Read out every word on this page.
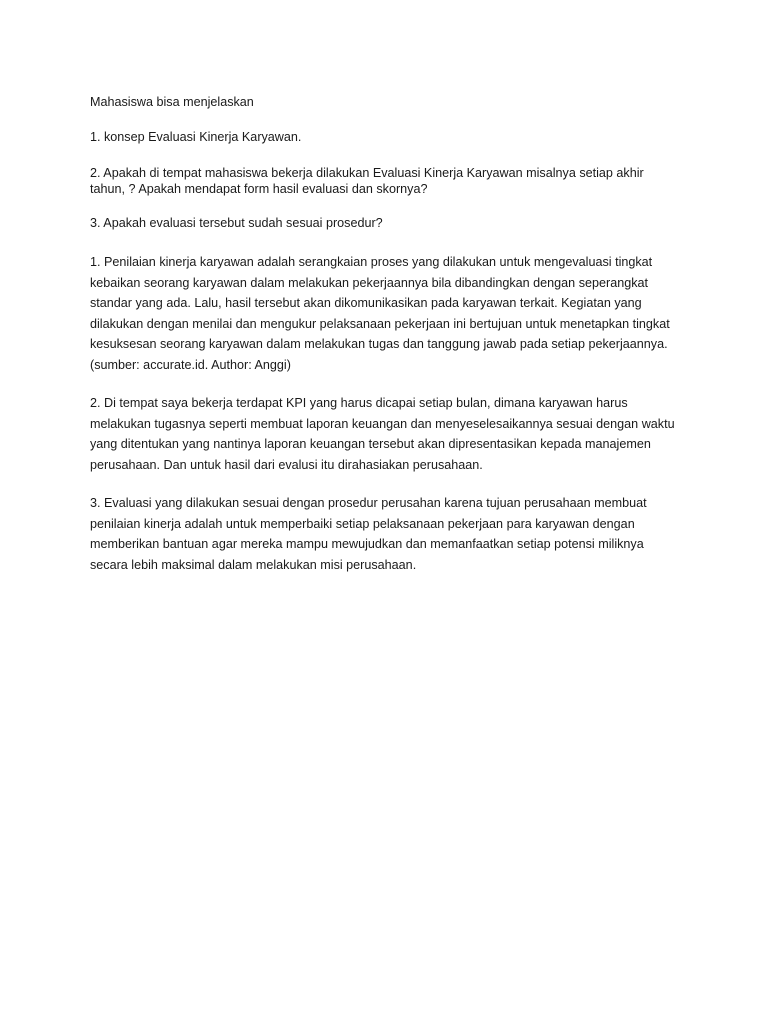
Mahasiswa bisa menjelaskan

1. konsep Evaluasi Kinerja Karyawan.

2. Apakah di tempat mahasiswa bekerja dilakukan Evaluasi Kinerja Karyawan misalnya setiap akhir

tahun, ? Apakah mendapat form hasil evaluasi dan skornya?

3. Apakah evaluasi tersebut sudah sesuai prosedur?

1. Penilaian kinerja karyawan adalah serangkaian proses yang dilakukan untuk mengevaluasi tingkat

kebaikan seorang karyawan dalam melakukan pekerjaannya bila dibandingkan dengan seperangkat

standar yang ada. Lalu, hasil tersebut akan dikomunikasikan pada karyawan terkait. Kegiatan yang

dilakukan dengan menilai dan mengukur pelaksanaan pekerjaan ini bertujuan untuk menetapkan tingkat

kesuksesan seorang karyawan dalam melakukan tugas dan tanggung jawab pada setiap pekerjaannya.

(sumber: accurate.id. Author: Anggi)

2. Di tempat saya bekerja terdapat KPI yang harus dicapai setiap bulan, dimana karyawan harus

melakukan tugasnya seperti membuat laporan keuangan dan menyeselesaikannya sesuai dengan waktu

yang ditentukan yang nantinya laporan keuangan tersebut akan dipresentasikan kepada manajemen

perusahaan. Dan untuk hasil dari evalusi itu dirahasiakan perusahaan.

3. Evaluasi yang dilakukan sesuai dengan prosedur perusahan karena tujuan perusahaan membuat

penilaian kinerja adalah untuk memperbaiki setiap pelaksanaan pekerjaan para karyawan dengan

memberikan bantuan agar mereka mampu mewujudkan dan memanfaatkan setiap potensi miliknya

secara lebih maksimal dalam melakukan misi perusahaan.
